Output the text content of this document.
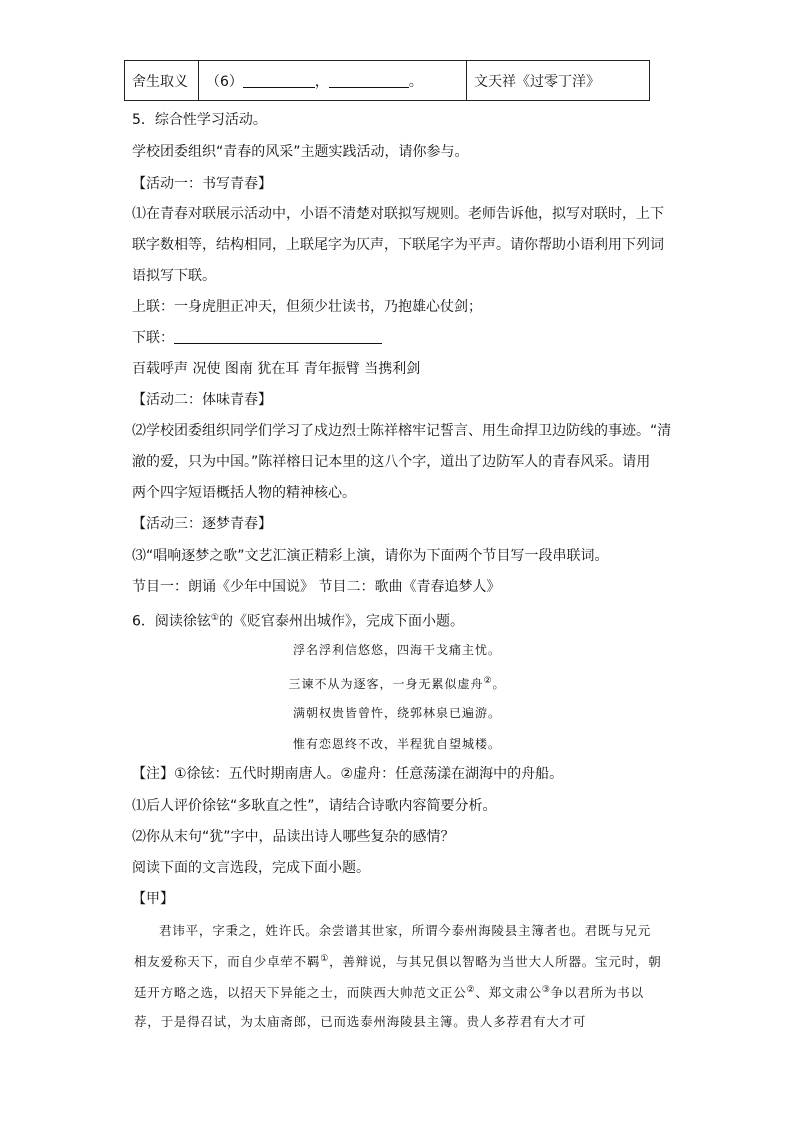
舍生取义 （6）	，	。	文天祥《过零丁洋》
5．综合性学习活动。
学校团委组织“青春的风采”主题实践活动，请你参与。
【活动一：书写青春】
⑴在青春对联展示活动中，小语不清楚对联拟写规则。老师告诉他，拟写对联时，上下
联字数相等，结构相同，上联尾字为仄声，下联尾字为平声。请你帮助小语利用下列词
语拟写下联。
上联：一身虎胆正冲天，但须少壮读书，乃抱雄心仗剑；
下联：
百载呼声 况使 图南 犹在耳 青年振臂 当携利剑
【活动二：体味青春】
⑵学校团委组织同学们学习了戍边烈士陈祥榕牢记誓言、用生命捍卫边防线的事迹。“清
澈的爱，只为中国。”陈祥榕日记本里的这八个字，道出了边防军人的青春风采。请用
两个四字短语概括人物的精神核心。
【活动三：逐梦青春】
⑶“唱响逐梦之歌”文艺汇演正精彩上演，请你为下面两个节目写一段串联词。
节目一：朗诵《少年中国说》 节目二：歌曲《青春追梦人》
6．阅读徐铉①的《贬官泰州出城作》，完成下面小题。
浮名浮利信悠悠，四海干戈痛主忧。
三谏不从为逐客，一身无累似虚舟②。
满朝权贵皆曾忤，绕郭林泉已遍游。
惟有恋恩终不改，半程犹自望城楼。
【注】①徐铉：五代时期南唐人。②虚舟：任意荡漾在湖海中的舟船。
⑴后人评价徐铉“多耿直之性”，请结合诗歌内容简要分析。
⑵你从末句“犹”字中，品读出诗人哪些复杂的感情？
阅读下面的文言选段，完成下面小题。
【甲】

君讳平，字秉之，姓许氏。余尝谱其世家，所谓今泰州海陵县主簿者也。君既与兄元相友爱称天下，而自少卓荦不羁①，善辩说，与其兄俱以智略为当世大人所器。宝元时，朝廷开方略之选，以招天下异能之士，而陕西大帅范文正公②、郑文肃公③争以君所为书以荐，于是得召试，为太庙斋郎，已而选泰州海陵县主簿。贵人多荐君有大才可
